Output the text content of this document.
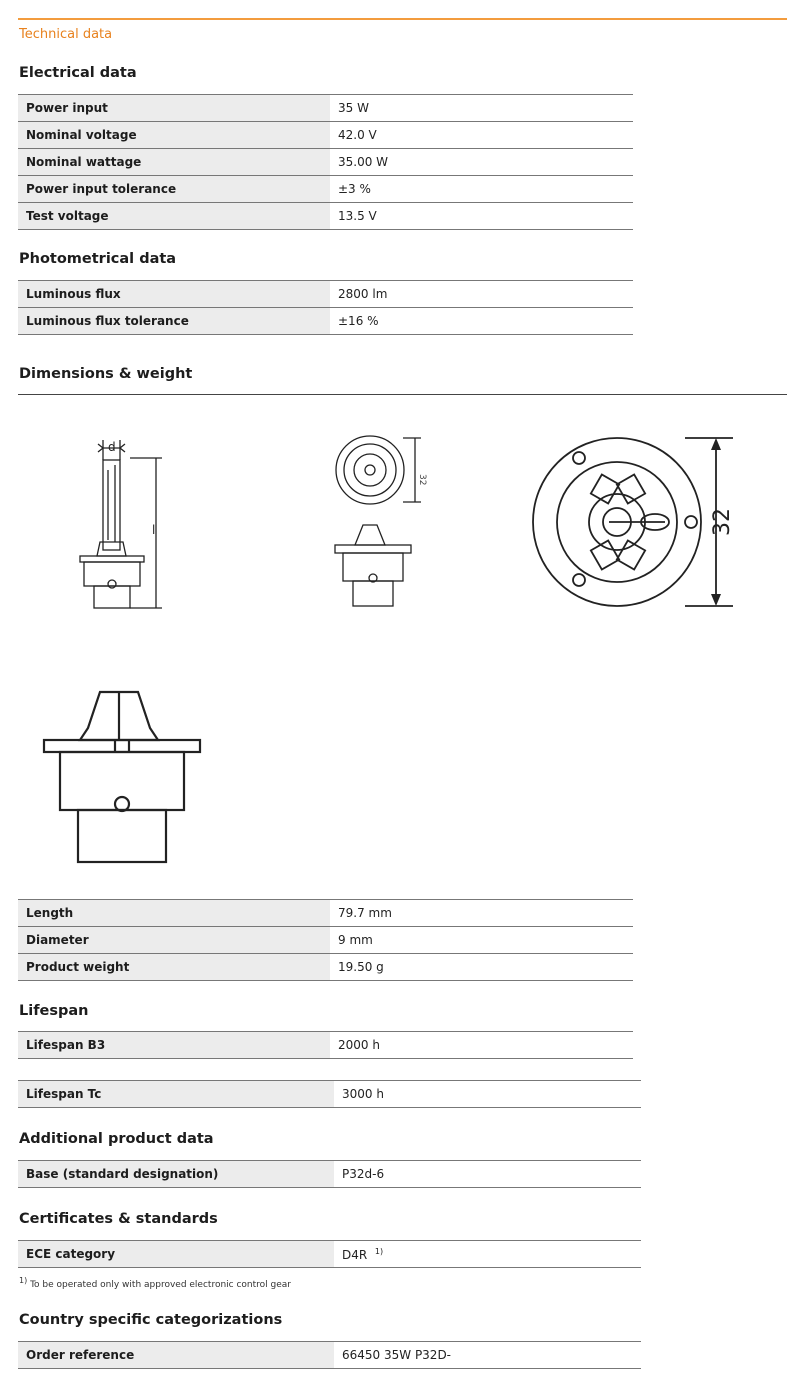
Technical data
Electrical data
Power input	35 W
Nominal voltage	42.0 V
Nominal wattage	35.00 W
Power input tolerance	±3 %
Test voltage	13.5 V
Photometrical data
Luminous flux	2800 lm
Luminous flux tolerance	±16 %
Dimensions & weight
d
l
32
32
Length	79.7 mm
Diameter	9 mm
Product weight	19.50 g
Lifespan
Lifespan B3	2000 h
Lifespan Tc	3000 h
Additional product data
Base (standard designation)	P32d-6
Certificates & standards
ECE category	D4R $^{1)}$
$^{1)}$ To be operated only with approved electronic control gear
Country specific categorizations
Order reference	66450 35W P32D-
